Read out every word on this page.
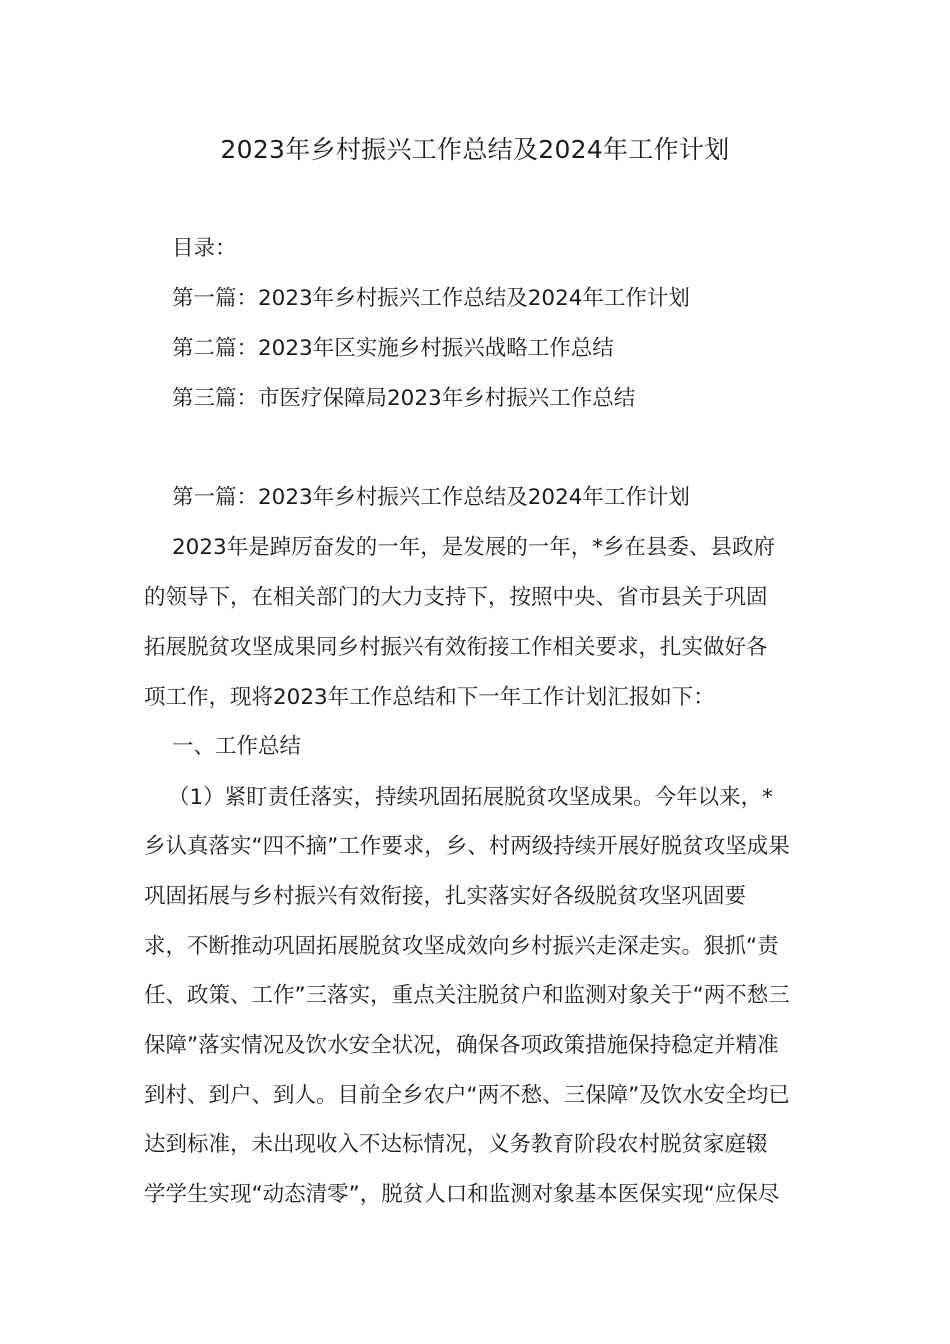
2023年乡村振兴工作总结及2024年工作计划

目录：

第一篇：2023年乡村振兴工作总结及2024年工作计划

第二篇：2023年区实施乡村振兴战略工作总结

第三篇：市医疗保障局2023年乡村振兴工作总结

第一篇：2023年乡村振兴工作总结及2024年工作计划

2023年是踔厉奋发的一年，是发展的一年，*乡在县委、县政府

的领导下，在相关部门的大力支持下，按照中央、省市县关于巩固

拓展脱贫攻坚成果同乡村振兴有效衔接工作相关要求，扎实做好各

项工作，现将2023年工作总结和下一年工作计划汇报如下：

一、工作总结

（1）紧盯责任落实，持续巩固拓展脱贫攻坚成果。今年以来，*

乡认真落实“四不摘”工作要求，乡、村两级持续开展好脱贫攻坚成果

巩固拓展与乡村振兴有效衔接，扎实落实好各级脱贫攻坚巩固要

求，不断推动巩固拓展脱贫攻坚成效向乡村振兴走深走实。狠抓“责

任、政策、工作”三落实，重点关注脱贫户和监测对象关于“两不愁三

保障”落实情况及饮水安全状况，确保各项政策措施保持稳定并精准

到村、到户、到人。目前全乡农户“两不愁、三保障”及饮水安全均已

达到标准，未出现收入不达标情况，义务教育阶段农村脱贫家庭辍

学学生实现“动态清零”，脱贫人口和监测对象基本医保实现“应保尽
